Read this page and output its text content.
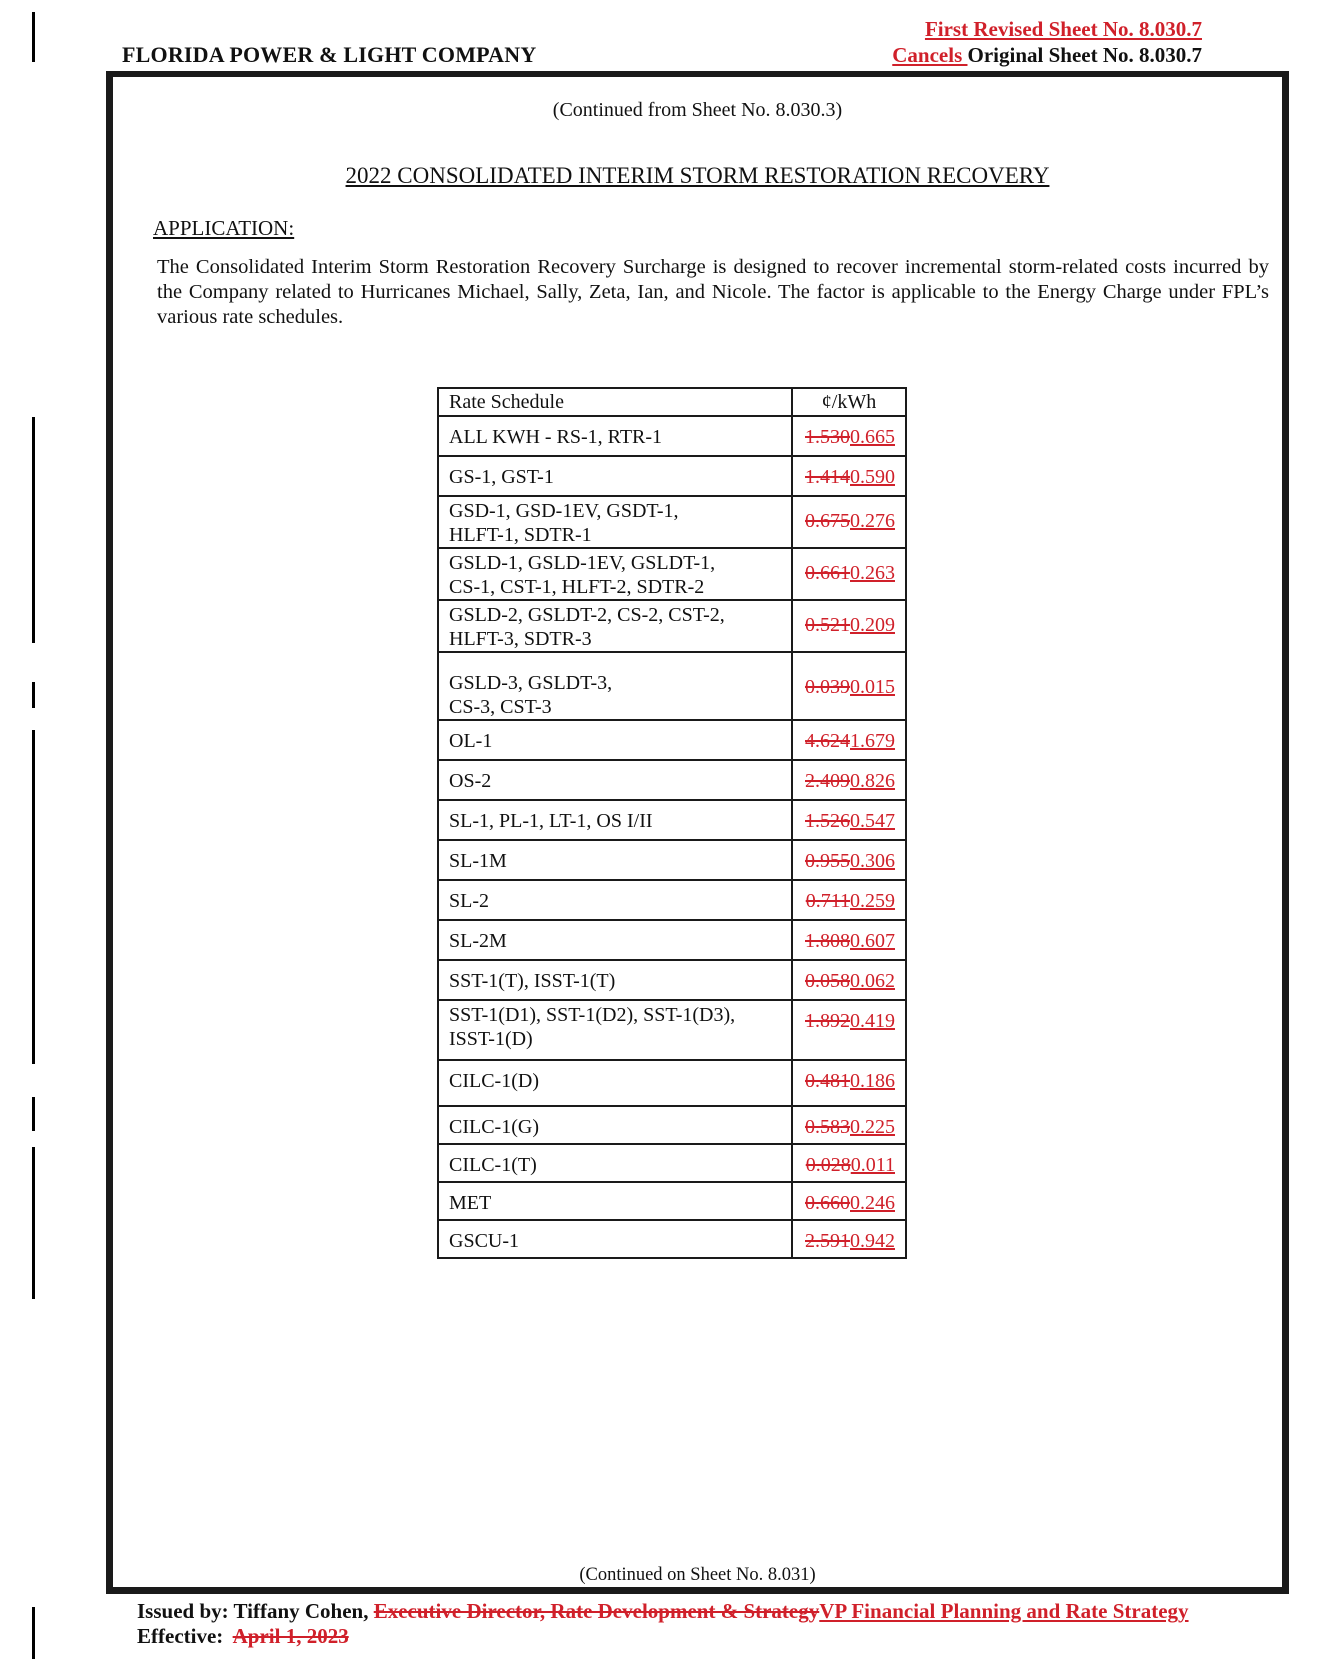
FLORIDA POWER & LIGHT COMPANY
First Revised Sheet No. 8.030.7
Cancels Original Sheet No. 8.030.7
(Continued from Sheet No. 8.030.3)
2022 CONSOLIDATED INTERIM STORM RESTORATION RECOVERY
APPLICATION:
The Consolidated Interim Storm Restoration Recovery Surcharge is designed to recover incremental storm-related costs incurred by the Company related to Hurricanes Michael, Sally, Zeta, Ian, and Nicole. The factor is applicable to the Energy Charge under FPL’s various rate schedules.
Rate Schedule	¢/kWh
ALL KWH - RS-1, RTR-1	1.5300.665
GS-1, GST-1	1.4140.590
GSD-1, GSD-1EV, GSDT-1,
HLFT-1, SDTR-1	0.6750.276
GSLD-1, GSLD-1EV, GSLDT-1,
CS-1, CST-1, HLFT-2, SDTR-2	0.6610.263
GSLD-2, GSLDT-2, CS-2, CST-2,
HLFT-3, SDTR-3	0.5210.209
GSLD-3, GSLDT-3,
CS-3, CST-3	0.0390.015
OL-1	4.6241.679
OS-2	2.4090.826
SL-1, PL-1, LT-1, OS I/II	1.5260.547
SL-1M	0.9550.306
SL-2	0.7110.259
SL-2M	1.8080.607
SST-1(T), ISST-1(T)	0.0580.062
SST-1(D1), SST-1(D2), SST-1(D3),
ISST-1(D)	1.8920.419
CILC-1(D)	0.4810.186
CILC-1(G)	0.5830.225
CILC-1(T)	0.0280.011
MET	0.6600.246
GSCU-1	2.5910.942
(Continued on Sheet No. 8.031)
Issued by: Tiffany Cohen, Executive Director, Rate Development & StrategyVP Financial Planning and Rate Strategy
Effective:  April 1, 2023
